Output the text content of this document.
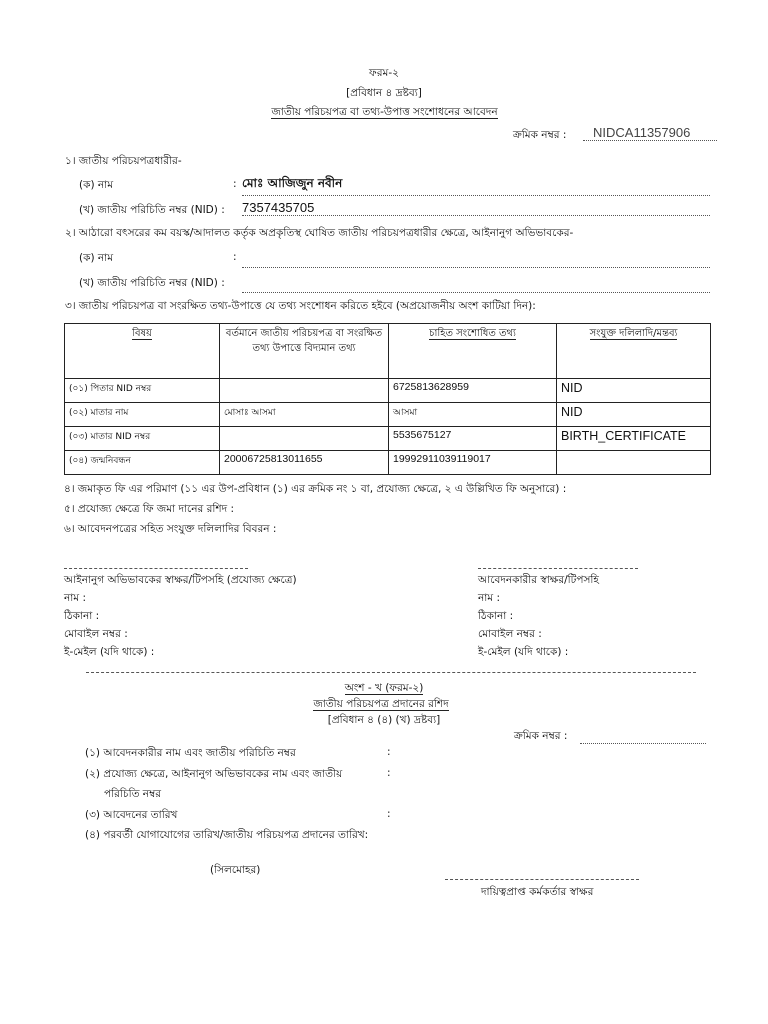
ফরম-২
[প্রবিধান ৪ দ্রষ্টব্য]
জাতীয় পরিচয়পত্র বা তথ্য-উপাত্ত সংশোধনের আবেদন
ক্রমিক নম্বর :	NIDCA11357906
১। জাতীয় পরিচয়পত্রধারীর-
(ক) নাম	: মোঃ আজিজুন নবীন
(খ) জাতীয় পরিচিতি নম্বর (NID) : 7357435705
২। আঠারো বৎসরের কম বয়স্ক/আদালত কর্তৃক অপ্রকৃতিস্থ ঘোষিত জাতীয় পরিচয়পত্রধারীর ক্ষেত্রে, আইনানুগ অভিভাবকের-
(ক) নাম	:
(খ) জাতীয় পরিচিতি নম্বর (NID) :
৩। জাতীয় পরিচয়পত্র বা সংরক্ষিত তথ্য-উপাত্তে যে তথ্য সংশোধন করিতে হইবে (অপ্রয়োজনীয় অংশ কাটিয়া দিন):
বিষয়	বর্তমানে জাতীয় পরিচয়পত্র বা সংরক্ষিত তথ্য উপাত্তে বিদ্যমান তথ্য	চাহিত সংশোধিত তথ্য	সংযুক্ত দলিলাদি/মন্তব্য
(০১) পিতার NID নম্বর		6725813628959	NID
(০২) মাতার নাম	মোসাঃ আসমা	আসমা	NID
(০৩) মাতার NID নম্বর		5535675127	BIRTH_CERTIFICATE
(০৪) জন্মনিবন্ধন	20006725813011655	19992911039119017	
৪। জমাকৃত ফি এর পরিমাণ (১১ এর উপ-প্রবিধান (১) এর ক্রমিক নং ১ বা, প্রযোজ্য ক্ষেত্রে, ২ এ উল্লিখিত ফি অনুসারে) :
৫। প্রযোজ্য ক্ষেত্রে ফি জমা দানের রশিদ :
৬। আবেদনপত্রের সহিত সংযুক্ত দলিলাদির বিবরন :
আইনানুগ অভিভাবকের স্বাক্ষর/টিপসহি (প্রযোজ্য ক্ষেত্রে)
নাম :
ঠিকানা :
মোবাইল নম্বর :
ই-মেইল (যদি থাকে) :
আবেদনকারীর স্বাক্ষর/টিপসহি
নাম :
ঠিকানা :
মোবাইল নম্বর :
ই-মেইল (যদি থাকে) :
অংশ - খ (ফরম-২)
জাতীয় পরিচয়পত্র প্রদানের রশিদ
[প্রবিধান ৪ (৪) (খ) দ্রষ্টব্য]
ক্রমিক নম্বর :
(১) আবেদনকারীর নাম এবং জাতীয় পরিচিতি নম্বর	:
(২) প্রযোজ্য ক্ষেত্রে, আইনানুগ অভিভাবকের নাম এবং জাতীয়	:
পরিচিতি নম্বর
(৩) আবেদনের তারিখ	:
(৪) পরবর্তী যোগাযোগের তারিখ/জাতীয় পরিচয়পত্র প্রদানের তারিখ:
(সিলমোহর)
দায়িত্বপ্রাপ্ত কর্মকর্তার স্বাক্ষর
